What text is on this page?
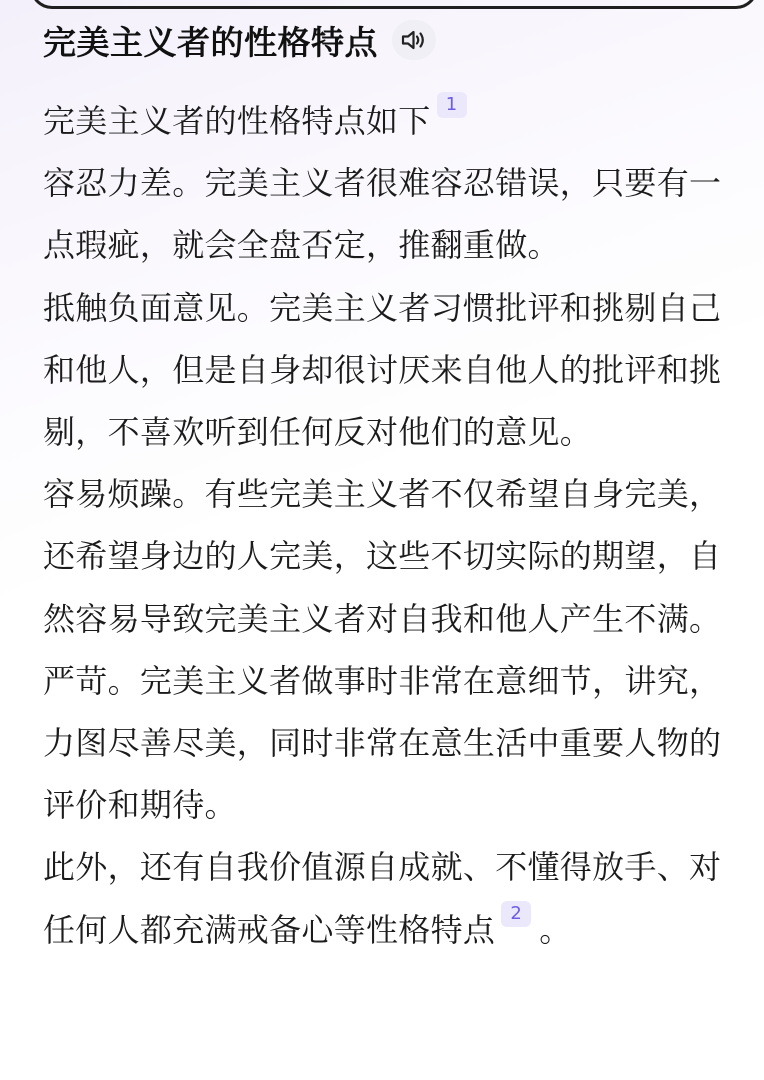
完美主义者的性格特点
完美主义者的性格特点如下 1
容忍力差。完美主义者很难容忍错误，只要有一点瑕疵，就会全盘否定，推翻重做。
抵触负面意见。完美主义者习惯批评和挑剔自己和他人，但是自身却很讨厌来自他人的批评和挑剔，不喜欢听到任何反对他们的意见。
容易烦躁。有些完美主义者不仅希望自身完美，还希望身边的人完美，这些不切实际的期望，自然容易导致完美主义者对自我和他人产生不满。
严苛。完美主义者做事时非常在意细节，讲究，力图尽善尽美，同时非常在意生活中重要人物的评价和期待。
此外，还有自我价值源自成就、不懂得放手、对任何人都充满戒备心等性格特点 2 。
